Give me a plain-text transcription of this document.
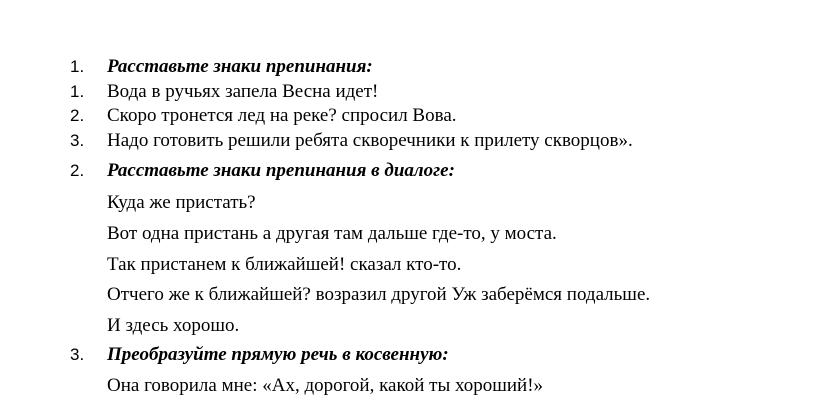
1. Расставьте знаки препинания:
1. Вода в ручьях запела Весна идет!
2. Скоро тронется лед на реке? спросил Вова.
3. Надо готовить решили ребята скворечники к прилету скворцов».
2. Расставьте знаки препинания в диалоге:
Куда же пристать?
Вот одна пристань а другая там дальше где-то, у моста.
Так пристанем к ближайшей! сказал кто-то.
Отчего же к ближайшей? возразил другой Уж заберёмся подальше.
И здесь хорошо.
3. Преобразуйте прямую речь в косвенную:
Она говорила мне: «Ах, дорогой, какой ты хороший!»
